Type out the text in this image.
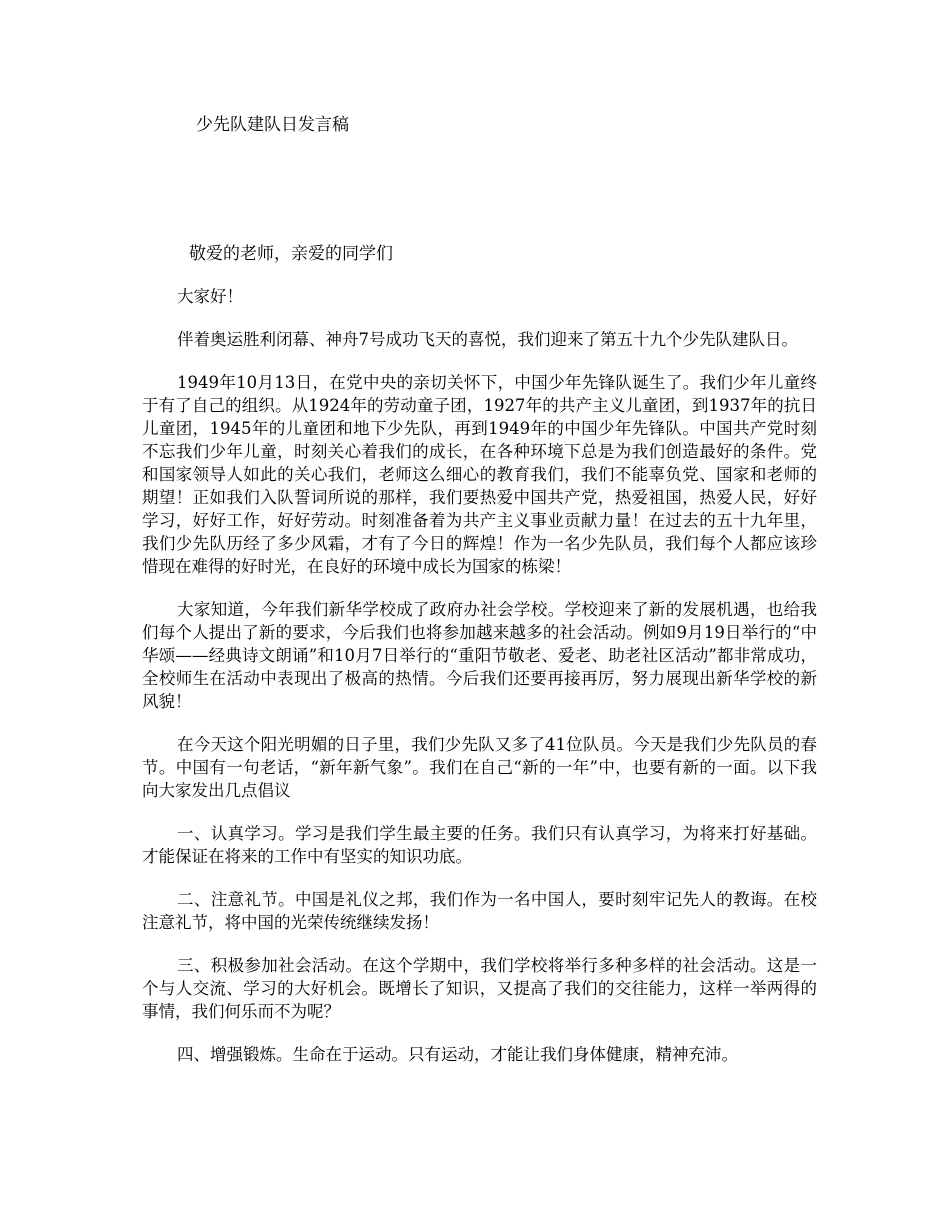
少先队建队日发言稿
敬爱的老师，亲爱的同学们

大家好！

伴着奥运胜利闭幕、神舟7号成功飞天的喜悦，我们迎来了第五十九个少先队建队日。

1949年10月13日，在党中央的亲切关怀下，中国少年先锋队诞生了。我们少年儿童终于有了自己的组织。从1924年的劳动童子团，1927年的共产主义儿童团，到1937年的抗日儿童团，1945年的儿童团和地下少先队，再到1949年的中国少年先锋队。中国共产党时刻不忘我们少年儿童，时刻关心着我们的成长，在各种环境下总是为我们创造最好的条件。党和国家领导人如此的关心我们，老师这么细心的教育我们，我们不能辜负党、国家和老师的期望！正如我们入队誓词所说的那样，我们要热爱中国共产党，热爱祖国，热爱人民，好好学习，好好工作，好好劳动。时刻准备着为共产主义事业贡献力量！在过去的五十九年里，我们少先队历经了多少风霜，才有了今日的辉煌！作为一名少先队员，我们每个人都应该珍惜现在难得的好时光，在良好的环境中成长为国家的栋梁！

大家知道，今年我们新华学校成了政府办社会学校。学校迎来了新的发展机遇，也给我们每个人提出了新的要求，今后我们也将参加越来越多的社会活动。例如9月19日举行的“中华颂——经典诗文朗诵”和10月7日举行的“重阳节敬老、爱老、助老社区活动”都非常成功，全校师生在活动中表现出了极高的热情。今后我们还要再接再厉，努力展现出新华学校的新风貌！

在今天这个阳光明媚的日子里，我们少先队又多了41位队员。今天是我们少先队员的春节。中国有一句老话，“新年新气象”。我们在自己“新的一年”中，也要有新的一面。以下我向大家发出几点倡议

一、认真学习。学习是我们学生最主要的任务。我们只有认真学习，为将来打好基础。才能保证在将来的工作中有坚实的知识功底。

二、注意礼节。中国是礼仪之邦，我们作为一名中国人，要时刻牢记先人的教诲。在校注意礼节，将中国的光荣传统继续发扬！

三、积极参加社会活动。在这个学期中，我们学校将举行多种多样的社会活动。这是一个与人交流、学习的大好机会。既增长了知识，又提高了我们的交往能力，这样一举两得的事情，我们何乐而不为呢？

四、增强锻炼。生命在于运动。只有运动，才能让我们身体健康，精神充沛。
